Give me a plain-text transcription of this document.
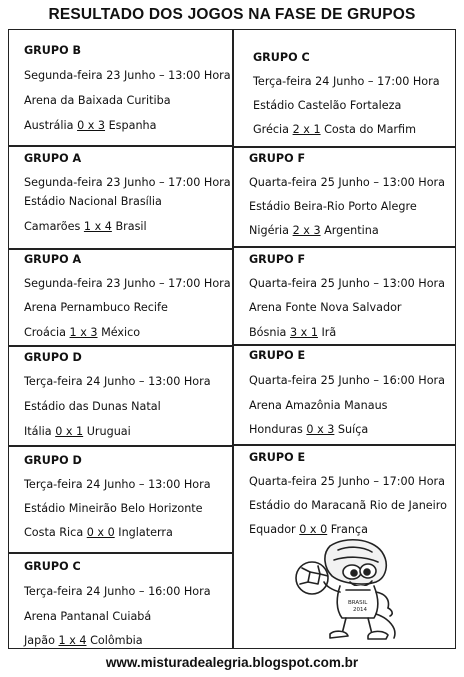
RESULTADO DOS JOGOS NA FASE DE GRUPOS
GRUPO B
Segunda-feira 23 Junho – 13:00 Hora
Arena da Baixada Curitiba
Austrália 0 x 3 Espanha
GRUPO C
Terça-feira 24 Junho – 17:00 Hora
Estádio Castelão Fortaleza
Grécia 2 x 1 Costa do Marfim
GRUPO A
Segunda-feira 23 Junho – 17:00 Hora
Estádio Nacional Brasília
Camarões 1 x 4 Brasil
GRUPO F
Quarta-feira 25 Junho – 13:00 Hora
Estádio Beira-Rio Porto Alegre
Nigéria 2 x 3 Argentina
GRUPO A
Segunda-feira 23 Junho – 17:00 Hora
Arena Pernambuco Recife
Croácia 1 x 3 México
GRUPO F
Quarta-feira 25 Junho – 13:00 Hora
Arena Fonte Nova Salvador
Bósnia 3 x 1 Irã
GRUPO D
Terça-feira 24 Junho – 13:00 Hora
Estádio das Dunas Natal
Itália 0 x 1 Uruguai
GRUPO E
Quarta-feira 25 Junho – 16:00 Hora
Arena Amazônia Manaus
Honduras 0 x 3 Suíça
GRUPO D
Terça-feira 24 Junho – 13:00 Hora
Estádio Mineirão Belo Horizonte
Costa Rica 0 x 0 Inglaterra
GRUPO E
Quarta-feira 25 Junho – 17:00 Hora
Estádio do Maracanã Rio de Janeiro
Equador 0 x 0 França
GRUPO C
Terça-feira 24 Junho – 16:00 Hora
Arena Pantanal Cuiabá
Japão 1 x 4 Colômbia
BRASIL
2014
www.misturadealegria.blogspot.com.br
